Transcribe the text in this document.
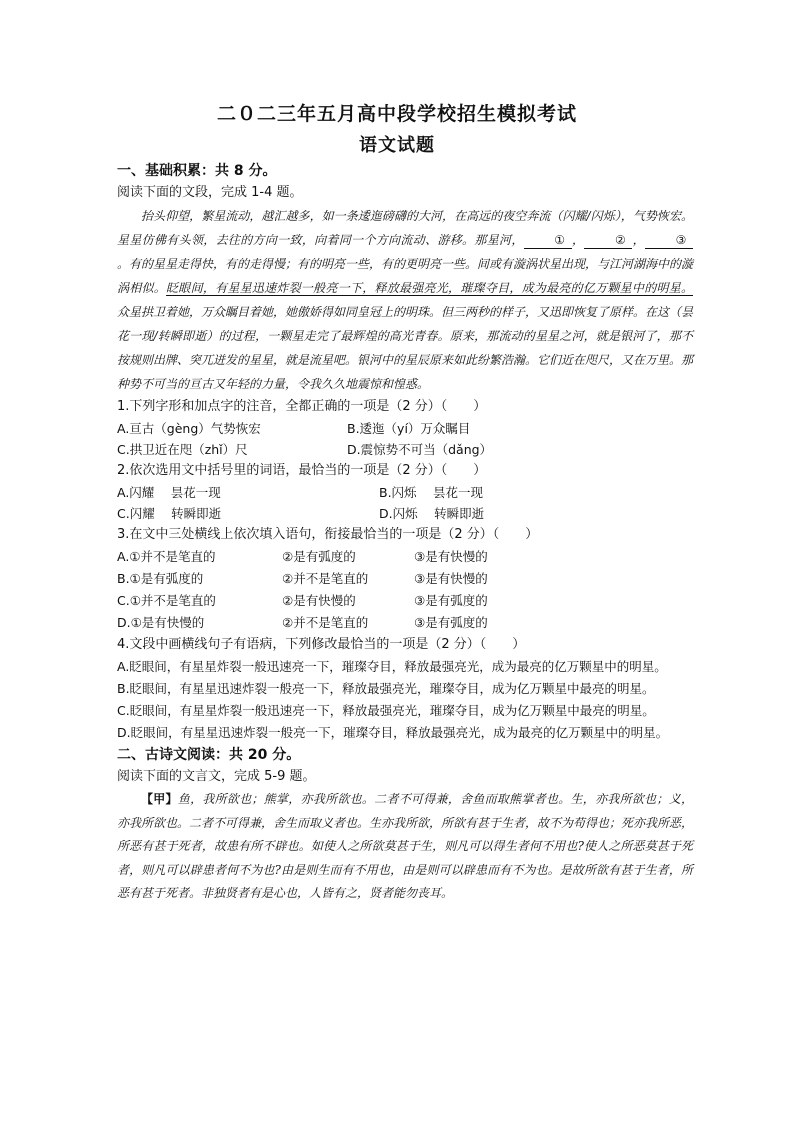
二０二三年五月高中段学校招生模拟考试
语文试题
一、基础积累：共 8 分。
阅读下面的文段，完成 1-4 题。

抬头仰望，繁星流动，越汇越多，如一条逶迤磅礴的大河，在高远的夜空奔流（闪耀/闪烁），气势恢宏。星星仿佛有头领，去往的方向一致，向着同一个方向流动、游移。那星河，	① ，	② ，	③。有的星星走得快，有的走得慢；有的明亮一些，有的更明亮一些。间或有漩涡状星出现，与江河湖海中的漩涡相似。眨眼间，有星星迅速炸裂一般亮一下，释放最强亮光，璀璨夺目，成为最亮的亿万颗星中的明星。众星拱卫着她，万众瞩目着她，她傲娇得如同皇冠上的明珠。但三两秒的样子，又迅即恢复了原样。在这（昙花一现/转瞬即逝）的过程，一颗星走完了最辉煌的高光青春。原来，那流动的星星之河，就是银河了，那不按规则出牌、突兀迸发的星星，就是流星吧。银河中的星辰原来如此纷繁浩瀚。它们近在咫尺，又在万里。那种势不可当的亘古又年轻的力量，令我久久地震惊和惶惑。

1.下列字形和加点字的注音，全都正确的一项是（2 分）（　　）
A.亘古（gèng）气势恢宏	B.逶迤（yí）万众瞩目
C.拱卫近在咫（zhǐ）尺	D.震惊势不可当（dǎng）
2.依次选用文中括号里的词语，最恰当的一项是（2 分）（　　）
A.闪耀　 昙花一现	B.闪烁　 昙花一现
C.闪耀　 转瞬即逝	D.闪烁　 转瞬即逝
3.在文中三处横线上依次填入语句，衔接最恰当的一项是（2 分）（　　）
A.①并不是笔直的	②是有弧度的	③是有快慢的
B.①是有弧度的	②并不是笔直的	③是有快慢的
C.①并不是笔直的	②是有快慢的	③是有弧度的
D.①是有快慢的	②并不是笔直的	③是有弧度的
4.文段中画横线句子有语病，下列修改最恰当的一项是（2 分）（　　）

A.眨眼间，有星星炸裂一般迅速亮一下，璀璨夺目，释放最强亮光，成为最亮的亿万颗星中的明星。

B.眨眼间，有星星迅速炸裂一般亮一下，释放最强亮光，璀璨夺目，成为亿万颗星中最亮的明星。

C.眨眼间，有星星炸裂一般迅速亮一下，释放最强亮光，璀璨夺目，成为亿万颗星中最亮的明星。

D.眨眼间，有星星迅速炸裂一般亮一下，璀璨夺目，释放最强亮光，成为最亮的亿万颗星中的明星。

二、古诗文阅读：共 20 分。
阅读下面的文言文，完成 5-9 题。

【甲】鱼，我所欲也；熊掌，亦我所欲也。二者不可得兼，舍鱼而取熊掌者也。生，亦我所欲也；义，亦我所欲也。二者不可得兼，舍生而取义者也。生亦我所欲，所欲有甚于生者，故不为苟得也；死亦我所恶，所恶有甚于死者，故患有所不辟也。如使人之所欲莫甚于生，则凡可以得生者何不用也?使人之所恶莫甚于死者，则凡可以辟患者何不为也?由是则生而有不用也，由是则可以辟患而有不为也。是故所欲有甚于生者，所恶有甚于死者。非独贤者有是心也，人皆有之，贤者能勿丧耳。
